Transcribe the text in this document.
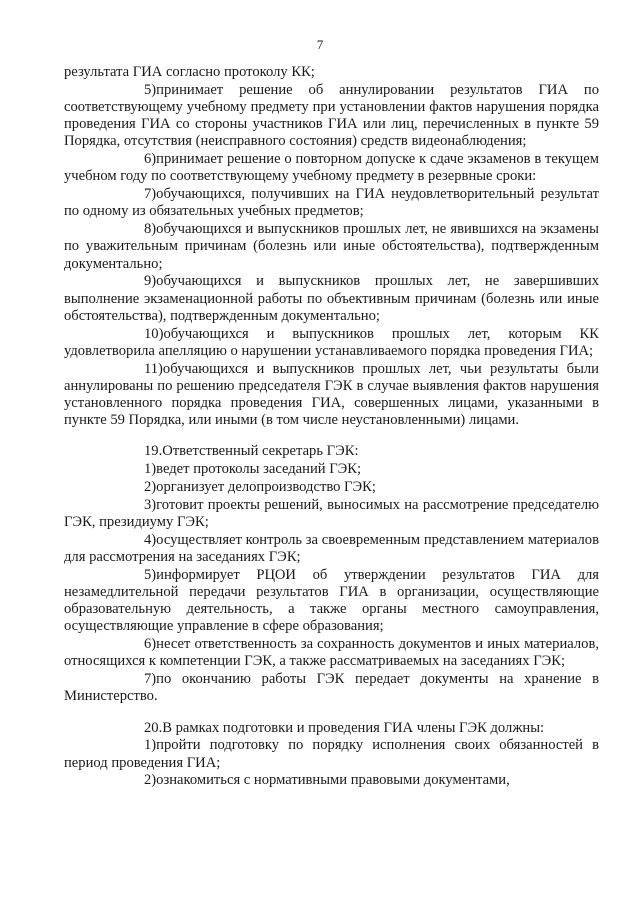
7

результата ГИА согласно протоколу КК;

5)принимает решение об аннулировании результатов ГИА по соответствующему учебному предмету при установлении фактов нарушения порядка проведения ГИА со стороны участников ГИА или лиц, перечисленных в пункте 59 Порядка, отсутствия (неисправного состояния) средств видеонаблюдения;

6)принимает решение о повторном допуске к сдаче экзаменов в текущем учебном году по соответствующему учебному предмету в резервные сроки:

7)обучающихся, получивших на ГИА неудовлетворительный результат по одному из обязательных учебных предметов;

8)обучающихся и выпускников прошлых лет, не явившихся на экзамены по уважительным причинам (болезнь или иные обстоятельства), подтвержденным документально;

9)обучающихся и выпускников прошлых лет, не завершивших выполнение экзаменационной работы по объективным причинам (болезнь или иные обстоятельства), подтвержденным документально;

10)обучающихся и выпускников прошлых лет, которым КК удовлетворила апелляцию о нарушении устанавливаемого порядка проведения ГИА;

11)обучающихся и выпускников прошлых лет, чьи результаты были аннулированы по решению председателя ГЭК в случае выявления фактов нарушения установленного порядка проведения ГИА, совершенных лицами, указанными в пункте 59 Порядка, или иными (в том числе неустановленными) лицами.

19.Ответственный секретарь ГЭК:

1)ведет протоколы заседаний ГЭК;

2)организует делопроизводство ГЭК;

3)готовит проекты решений, выносимых на рассмотрение председателю ГЭК, президиуму ГЭК;

4)осуществляет контроль за своевременным представлением материалов для рассмотрения на заседаниях ГЭК;

5)информирует РЦОИ об утверждении результатов ГИА для незамедлительной передачи результатов ГИА в организации, осуществляющие образовательную деятельность, а также органы местного самоуправления, осуществляющие управление в сфере образования;

6)несет ответственность за сохранность документов и иных материалов, относящихся к компетенции ГЭК, а также рассматриваемых на заседаниях ГЭК;

7)по окончанию работы ГЭК передает документы на хранение в Министерство.

20.В рамках подготовки и проведения ГИА члены ГЭК должны:

1)пройти подготовку по порядку исполнения своих обязанностей в период проведения ГИА;

2)ознакомиться с нормативными правовыми документами,
